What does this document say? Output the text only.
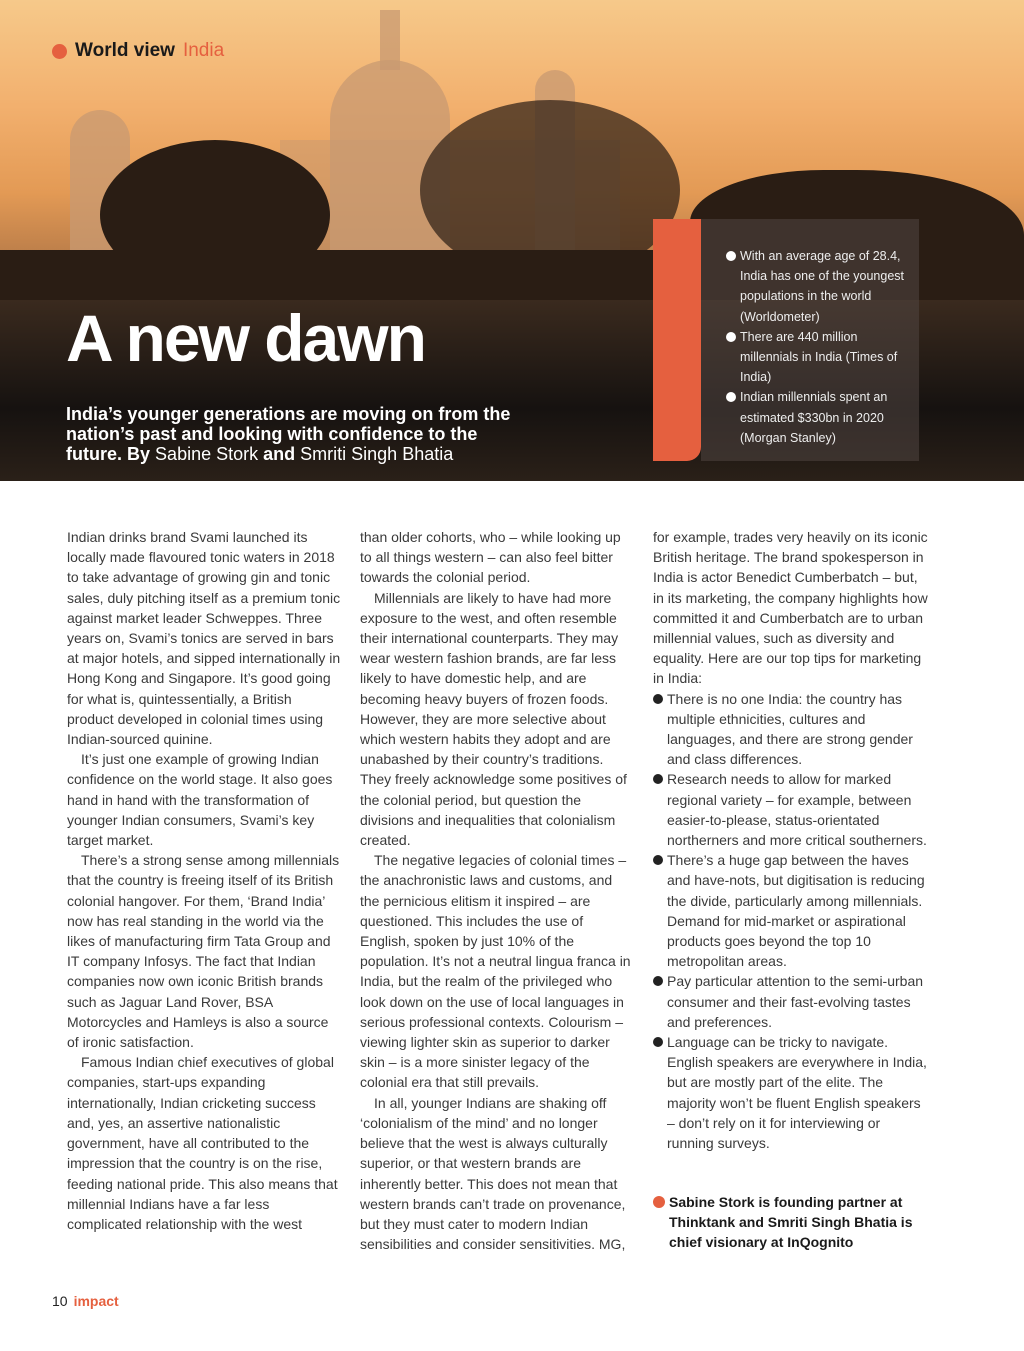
World view India
A new dawn
India’s younger generations are moving on from the nation’s past and looking with confidence to the future. By Sabine Stork and Smriti Singh Bhatia
With an average age of 28.4, India has one of the youngest populations in the world (Worldometer)
There are 440 million millennials in India (Times of India)
Indian millennials spent an estimated $330bn in 2020 (Morgan Stanley)

Indian drinks brand Svami launched its locally made flavoured tonic waters in 2018 to take advantage of growing gin and tonic sales, duly pitching itself as a premium tonic against market leader Schweppes. Three years on, Svami’s tonics are served in bars at major hotels, and sipped internationally in Hong Kong and Singapore. It’s good going for what is, quintessentially, a British product developed in colonial times using Indian-sourced quinine.

It’s just one example of growing Indian confidence on the world stage. It also goes hand in hand with the transformation of younger Indian consumers, Svami’s key target market.

There’s a strong sense among millennials that the country is freeing itself of its British colonial hangover. For them, ‘Brand India’ now has real standing in the world via the likes of manufacturing firm Tata Group and IT company Infosys. The fact that Indian companies now own iconic British brands such as Jaguar Land Rover, BSA Motorcycles and Hamleys is also a source of ironic satisfaction.

Famous Indian chief executives of global companies, start-ups expanding internationally, Indian cricketing success and, yes, an assertive nationalistic government, have all contributed to the impression that the country is on the rise, feeding national pride. This also means that millennial Indians have a far less complicated relationship with the west

than older cohorts, who – while looking up to all things western – can also feel bitter towards the colonial period.

Millennials are likely to have had more exposure to the west, and often resemble their international counterparts. They may wear western fashion brands, are far less likely to have domestic help, and are becoming heavy buyers of frozen foods. However, they are more selective about which western habits they adopt and are unabashed by their country’s traditions. They freely acknowledge some positives of the colonial period, but question the divisions and inequalities that colonialism created.

The negative legacies of colonial times – the anachronistic laws and customs, and the pernicious elitism it inspired – are questioned. This includes the use of English, spoken by just 10% of the population. It’s not a neutral lingua franca in India, but the realm of the privileged who look down on the use of local languages in serious professional contexts. Colourism – viewing lighter skin as superior to darker skin – is a more sinister legacy of the colonial era that still prevails.

In all, younger Indians are shaking off ‘colonialism of the mind’ and no longer believe that the west is always culturally superior, or that western brands are inherently better. This does not mean that western brands can’t trade on provenance, but they must cater to modern Indian sensibilities and consider sensitivities. MG,

for example, trades very heavily on its iconic British heritage. The brand spokesperson in India is actor Benedict Cumberbatch – but, in its marketing, the company highlights how committed it and Cumberbatch are to urban millennial values, such as diversity and equality. Here are our top tips for marketing in India:

There is no one India: the country has multiple ethnicities, cultures and languages, and there are strong gender and class differences.
Research needs to allow for marked regional variety – for example, between easier-to-please, status-orientated northerners and more critical southerners.
There’s a huge gap between the haves and have-nots, but digitisation is reducing the divide, particularly among millennials. Demand for mid-market or aspirational products goes beyond the top 10 metropolitan areas.
Pay particular attention to the semi-urban consumer and their fast-evolving tastes and preferences.
Language can be tricky to navigate. English speakers are everywhere in India, but are mostly part of the elite. The majority won’t be fluent English speakers – don’t rely on it for interviewing or running surveys.

Sabine Stork is founding partner at Thinktank and Smriti Singh Bhatia is chief visionary at InQognito

10 impact
